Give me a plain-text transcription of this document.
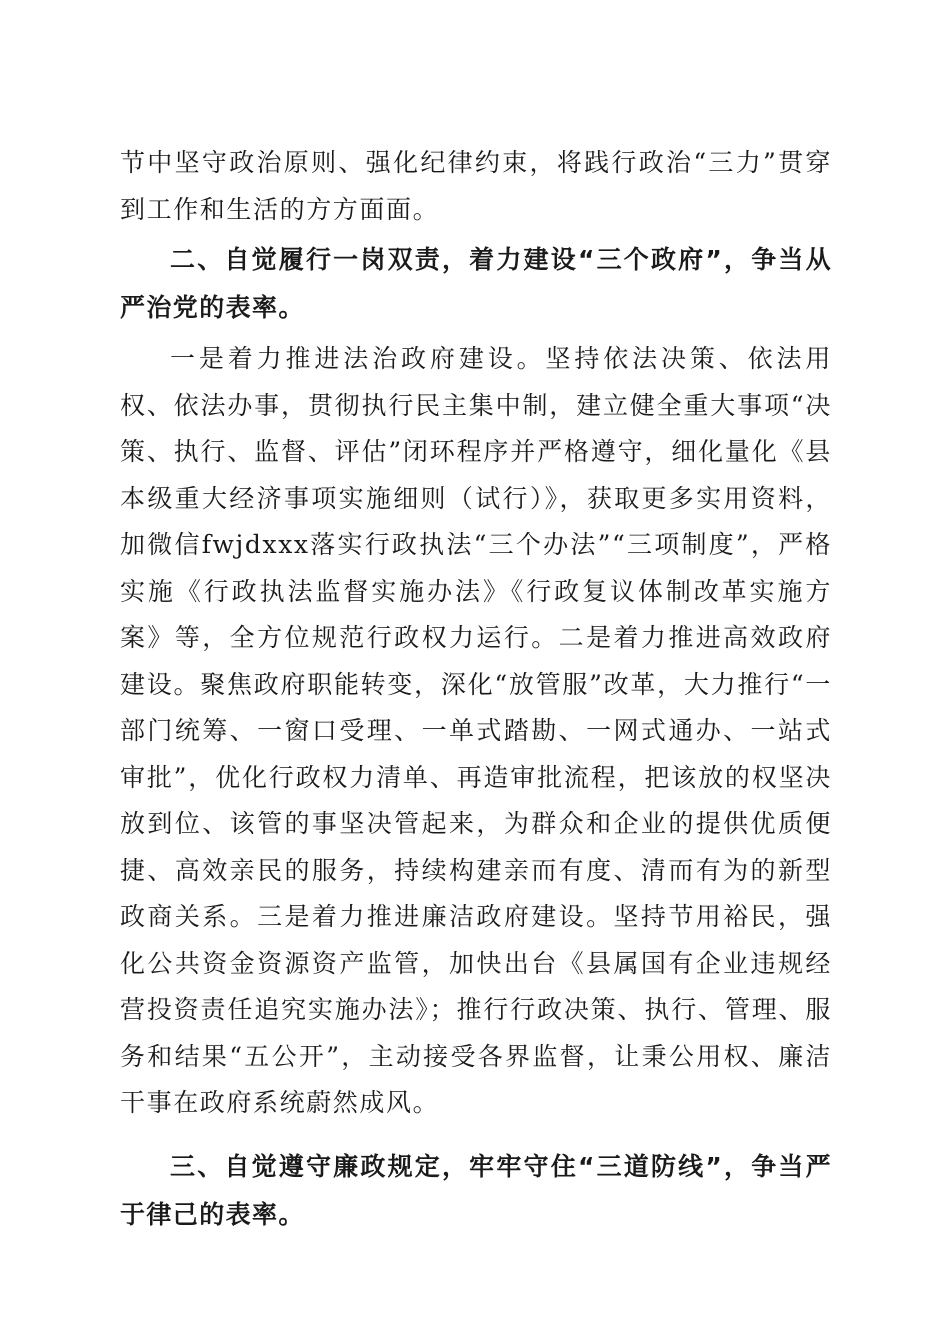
节中坚守政治原则、强化纪律约束，将践行政治“三力”贯穿到工作和生活的方方面面。

二、自觉履行一岗双责，着力建设“三个政府”，争当从严治党的表率。

一是着力推进法治政府建设。坚持依法决策、依法用权、依法办事，贯彻执行民主集中制，建立健全重大事项“决策、执行、监督、评估”闭环程序并严格遵守，细化量化《县本级重大经济事项实施细则（试行）》，获取更多实用资料，加微信fwjdxxx落实行政执法“三个办法”“三项制度”，严格实施《行政执法监督实施办法》《行政复议体制改革实施方案》等，全方位规范行政权力运行。二是着力推进高效政府建设。聚焦政府职能转变，深化“放管服”改革，大力推行“一部门统筹、一窗口受理、一单式踏勘、一网式通办、一站式审批”，优化行政权力清单、再造审批流程，把该放的权坚决放到位、该管的事坚决管起来，为群众和企业的提供优质便捷、高效亲民的服务，持续构建亲而有度、清而有为的新型政商关系。三是着力推进廉洁政府建设。坚持节用裕民，强化公共资金资源资产监管，加快出台《县属国有企业违规经营投资责任追究实施办法》；推行行政决策、执行、管理、服务和结果“五公开”，主动接受各界监督，让秉公用权、廉洁干事在政府系统蔚然成风。

三、自觉遵守廉政规定，牢牢守住“三道防线”，争当严于律己的表率。
